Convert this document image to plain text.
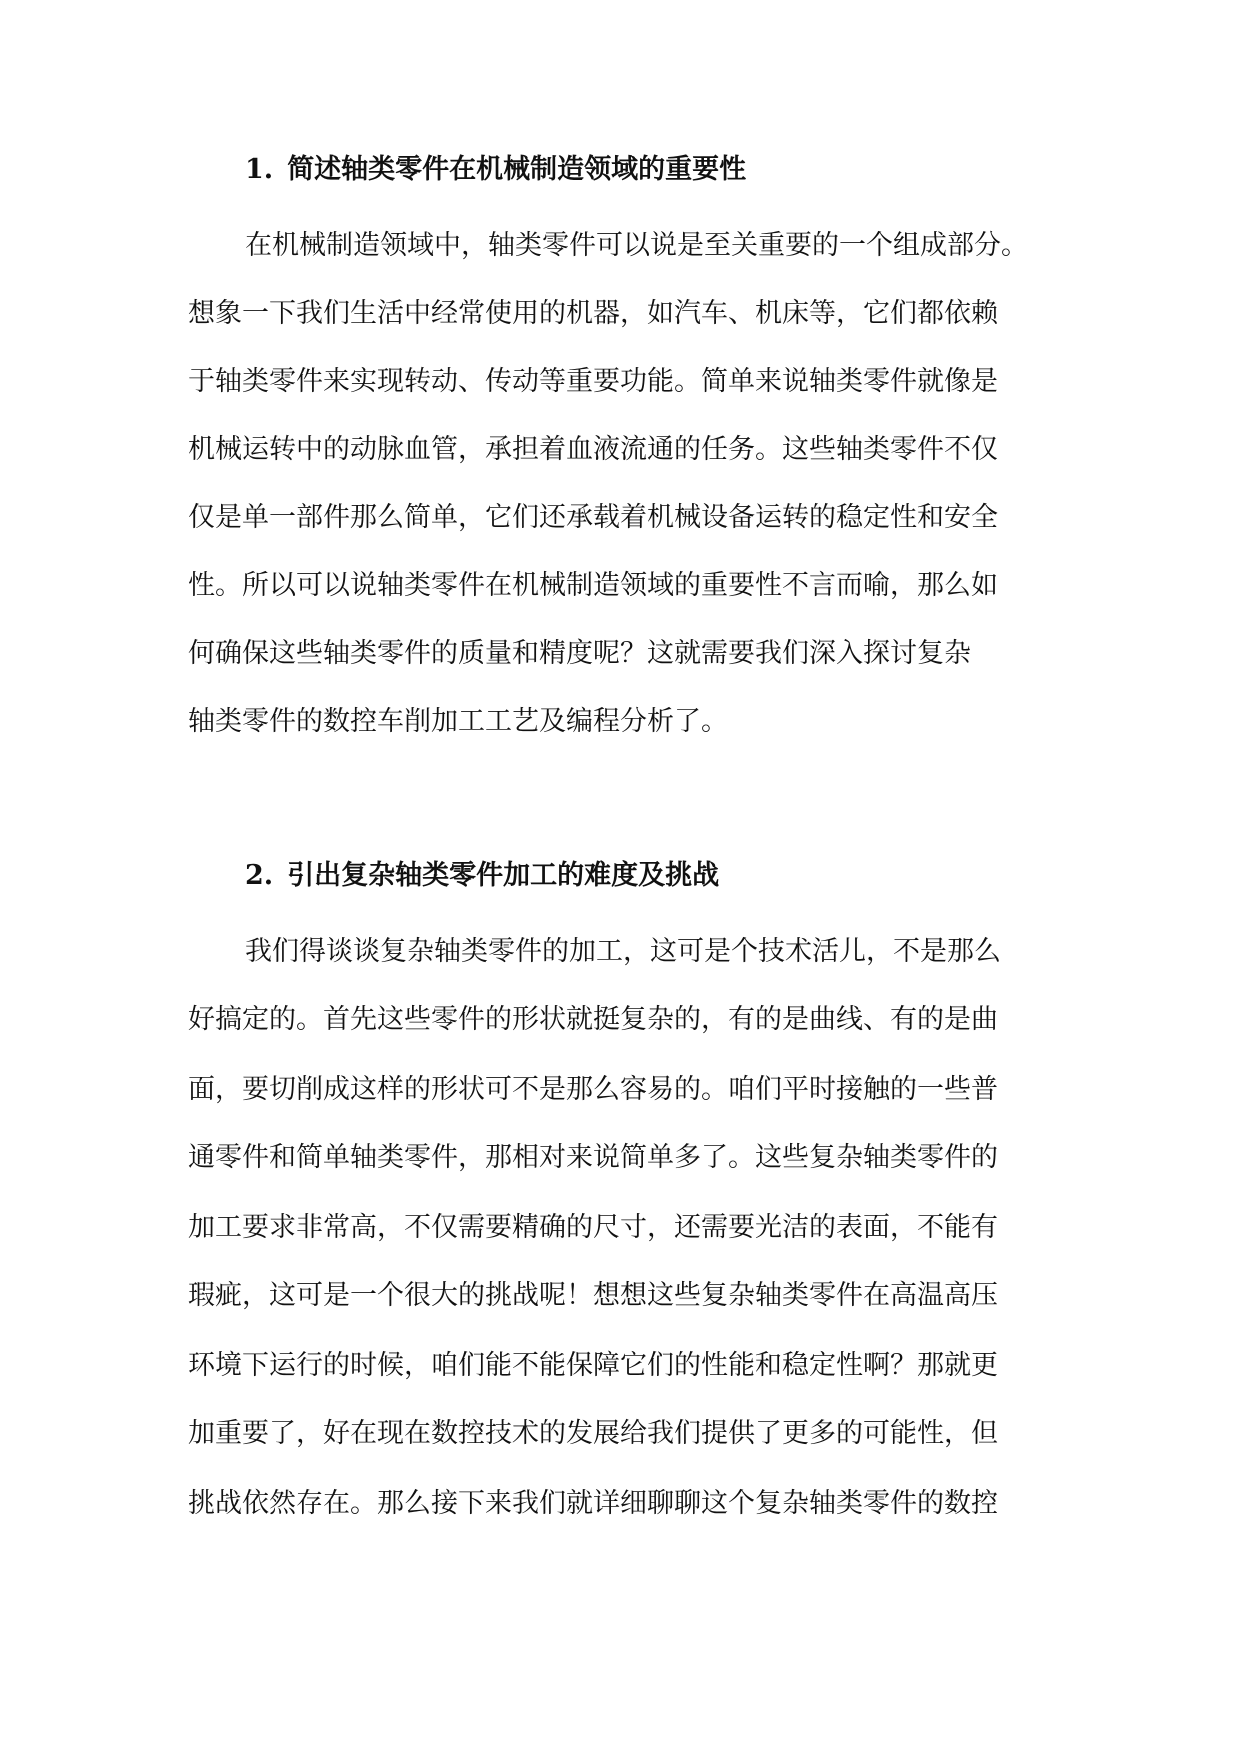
1. 简述轴类零件在机械制造领域的重要性

在机械制造领域中，轴类零件可以说是至关重要的一个组成部分。

想象一下我们生活中经常使用的机器，如汽车、机床等，它们都依赖

于轴类零件来实现转动、传动等重要功能。简单来说轴类零件就像是

机械运转中的动脉血管，承担着血液流通的任务。这些轴类零件不仅

仅是单一部件那么简单，它们还承载着机械设备运转的稳定性和安全

性。所以可以说轴类零件在机械制造领域的重要性不言而喻，那么如

何确保这些轴类零件的质量和精度呢？这就需要我们深入探讨复杂

轴类零件的数控车削加工工艺及编程分析了。

2. 引出复杂轴类零件加工的难度及挑战

我们得谈谈复杂轴类零件的加工，这可是个技术活儿，不是那么

好搞定的。首先这些零件的形状就挺复杂的，有的是曲线、有的是曲

面，要切削成这样的形状可不是那么容易的。咱们平时接触的一些普

通零件和简单轴类零件，那相对来说简单多了。这些复杂轴类零件的

加工要求非常高，不仅需要精确的尺寸，还需要光洁的表面，不能有

瑕疵，这可是一个很大的挑战呢！想想这些复杂轴类零件在高温高压

环境下运行的时候，咱们能不能保障它们的性能和稳定性啊？那就更

加重要了，好在现在数控技术的发展给我们提供了更多的可能性，但

挑战依然存在。那么接下来我们就详细聊聊这个复杂轴类零件的数控
